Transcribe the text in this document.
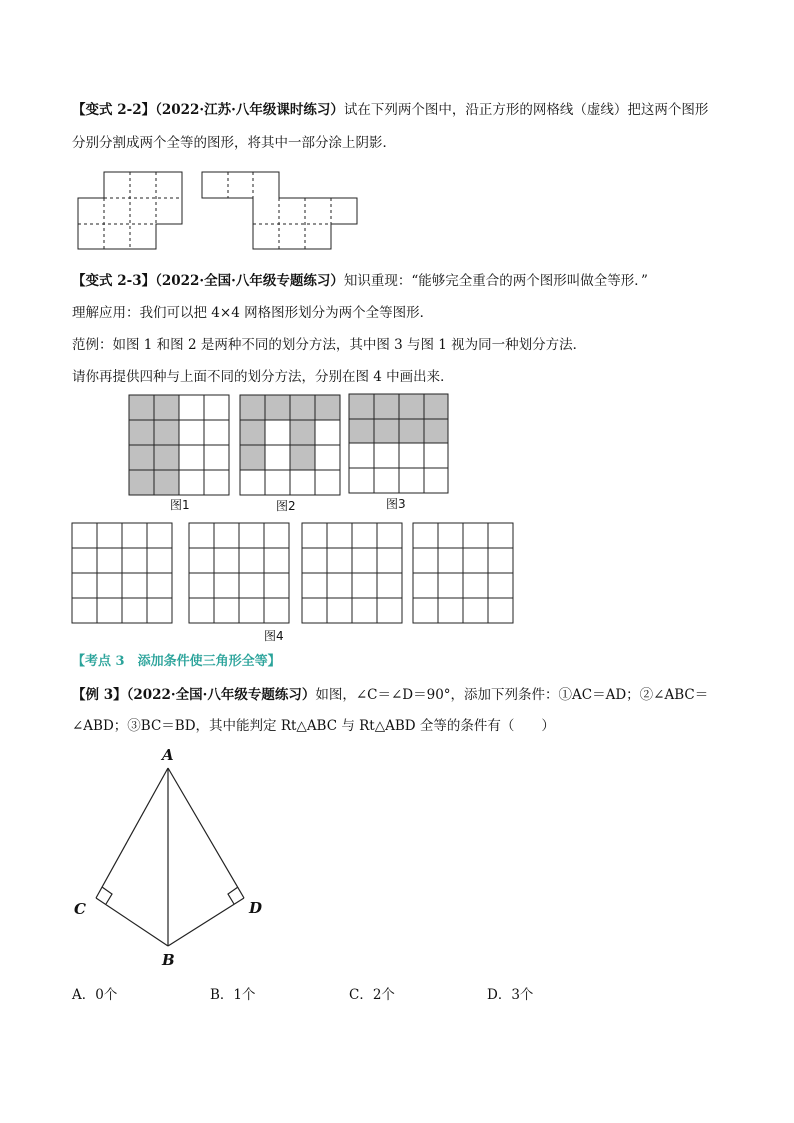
【变式 2-2】（2022·江苏·八年级课时练习）试在下列两个图中，沿正方形的网格线（虚线）把这两个图形
分别分割成两个全等的图形，将其中一部分涂上阴影．
【变式 2-3】（2022·全国·八年级专题练习）知识重现：“能够完全重合的两个图形叫做全等形．”
理解应用：我们可以把 4×4 网格图形划分为两个全等图形．
范例：如图 1 和图 2 是两种不同的划分方法，其中图 3 与图 1 视为同一种划分方法．
请你再提供四种与上面不同的划分方法，分别在图 4 中画出来．
图1	图2	图3
图4
【考点 3　添加条件使三角形全等】
【例 3】（2022·全国·八年级专题练习）如图，∠C＝∠D＝90°，添加下列条件：①AC＝AD；②∠ABC＝
∠ABD；③BC＝BD，其中能判定 Rt△ABC 与 Rt△ABD 全等的条件有（　　）
A
C	D
B
A．0个	B．1个	C．2个	D．3个
